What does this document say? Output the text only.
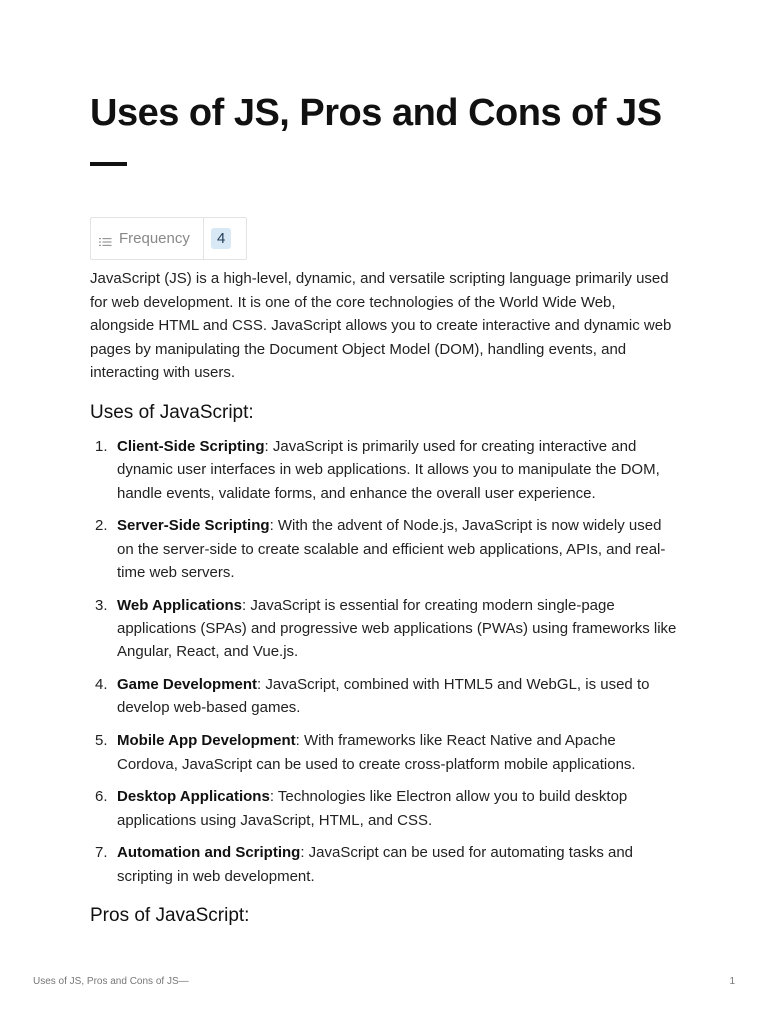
Uses of JS, Pros and Cons of JS
Frequency	4

JavaScript (JS) is a high-level, dynamic, and versatile scripting language primarily used for web development. It is one of the core technologies of the World Wide Web, alongside HTML and CSS. JavaScript allows you to create interactive and dynamic web pages by manipulating the Document Object Model (DOM), handling events, and interacting with users.

Uses of JavaScript:
1. Client-Side Scripting: JavaScript is primarily used for creating interactive and dynamic user interfaces in web applications. It allows you to manipulate the DOM, handle events, validate forms, and enhance the overall user experience.
2. Server-Side Scripting: With the advent of Node.js, JavaScript is now widely used on the server-side to create scalable and efficient web applications, APIs, and real-time web servers.
3. Web Applications: JavaScript is essential for creating modern single-page applications (SPAs) and progressive web applications (PWAs) using frameworks like Angular, React, and Vue.js.
4. Game Development: JavaScript, combined with HTML5 and WebGL, is used to develop web-based games.
5. Mobile App Development: With frameworks like React Native and Apache Cordova, JavaScript can be used to create cross-platform mobile applications.
6. Desktop Applications: Technologies like Electron allow you to build desktop applications using JavaScript, HTML, and CSS.
7. Automation and Scripting: JavaScript can be used for automating tasks and scripting in web development.
Pros of JavaScript:
Uses of JS, Pros and Cons of JS—	1
